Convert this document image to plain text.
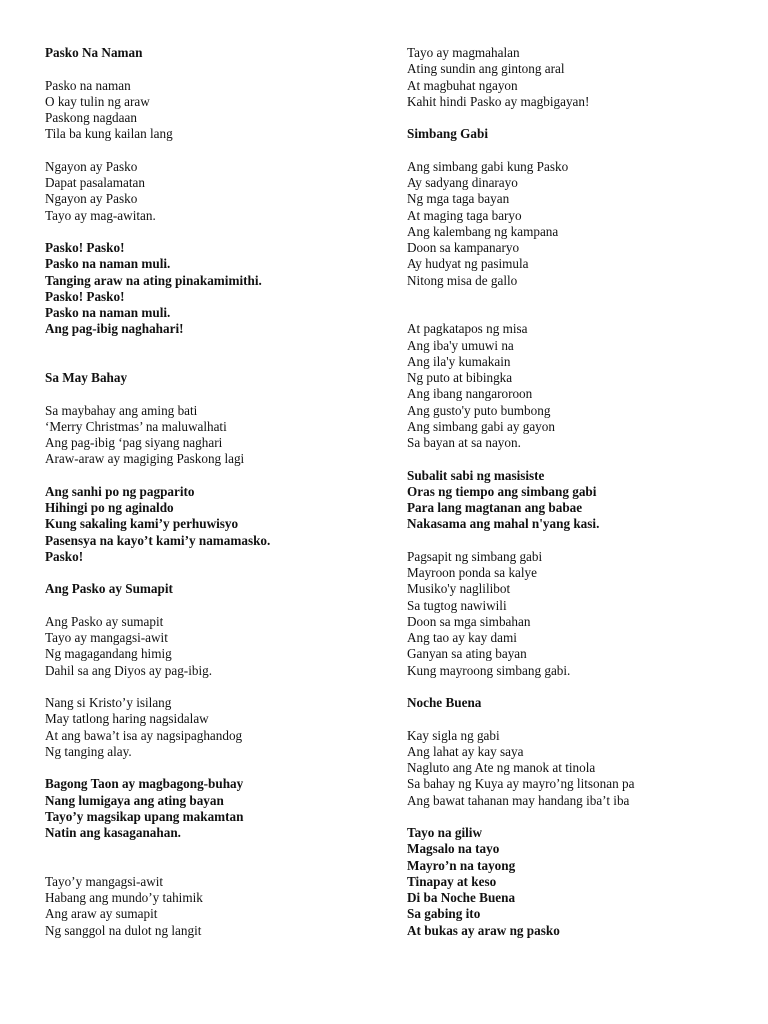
Pasko Na Naman
Pasko na naman
O kay tulin ng araw
Paskong nagdaan
Tila ba kung kailan lang
Ngayon ay Pasko
Dapat pasalamatan
Ngayon ay Pasko
Tayo ay mag-awitan.
Pasko! Pasko!
Pasko na naman muli.
Tanging araw na ating pinakamimithi.
Pasko! Pasko!
Pasko na naman muli.
Ang pag-ibig naghahari!
Sa May Bahay
Sa maybahay ang aming bati
‘Merry Christmas’ na maluwalhati
Ang pag-ibig ‘pag siyang naghari
Araw-araw ay magiging Paskong lagi
Ang sanhi po ng pagparito
Hihingi po ng aginaldo
Kung sakaling kami’y perhuwisyo
Pasensya na kayo’t kami’y namamasko.
Pasko!
Ang Pasko ay Sumapit
Ang Pasko ay sumapit
Tayo ay mangagsi-awit
Ng magagandang himig
Dahil sa ang Diyos ay pag-ibig.
Nang si Kristo’y isilang
May tatlong haring nagsidalaw
At ang bawa’t isa ay nagsipaghandog
Ng tanging alay.
Bagong Taon ay magbagong-buhay
Nang lumigaya ang ating bayan
Tayo’y magsikap upang makamtan
Natin ang kasaganahan.
Tayo’y mangagsi-awit
Habang ang mundo’y tahimik
Ang araw ay sumapit
Ng sanggol na dulot ng langit
Tayo ay magmahalan
Ating sundin ang gintong aral
At magbuhat ngayon
Kahit hindi Pasko ay magbigayan!
Simbang Gabi
Ang simbang gabi kung Pasko
Ay sadyang dinarayo
Ng mga taga bayan
At maging taga baryo
Ang kalembang ng kampana
Doon sa kampanaryo
Ay hudyat ng pasimula
Nitong misa de gallo
At pagkatapos ng misa
Ang iba'y umuwi na
Ang ila'y kumakain
Ng puto at bibingka
Ang ibang nangaroroon
Ang gusto'y puto bumbong
Ang simbang gabi ay gayon
Sa bayan at sa nayon.
Subalit sabi ng masisiste
Oras ng tiempo ang simbang gabi
Para lang magtanan ang babae
Nakasama ang mahal n'yang kasi.
Pagsapit ng simbang gabi
Mayroon ponda sa kalye
Musiko'y naglilibot
Sa tugtog nawiwili
Doon sa mga simbahan
Ang tao ay kay dami
Ganyan sa ating bayan
Kung mayroong simbang gabi.
Noche Buena
Kay sigla ng gabi
Ang lahat ay kay saya
Nagluto ang Ate ng manok at tinola
Sa bahay ng Kuya ay mayro’ng litsonan pa
Ang bawat tahanan may handang iba’t iba
Tayo na giliw
Magsalo na tayo
Mayro’n na tayong
Tinapay at keso
Di ba Noche Buena
Sa gabing ito
At bukas ay araw ng pasko
